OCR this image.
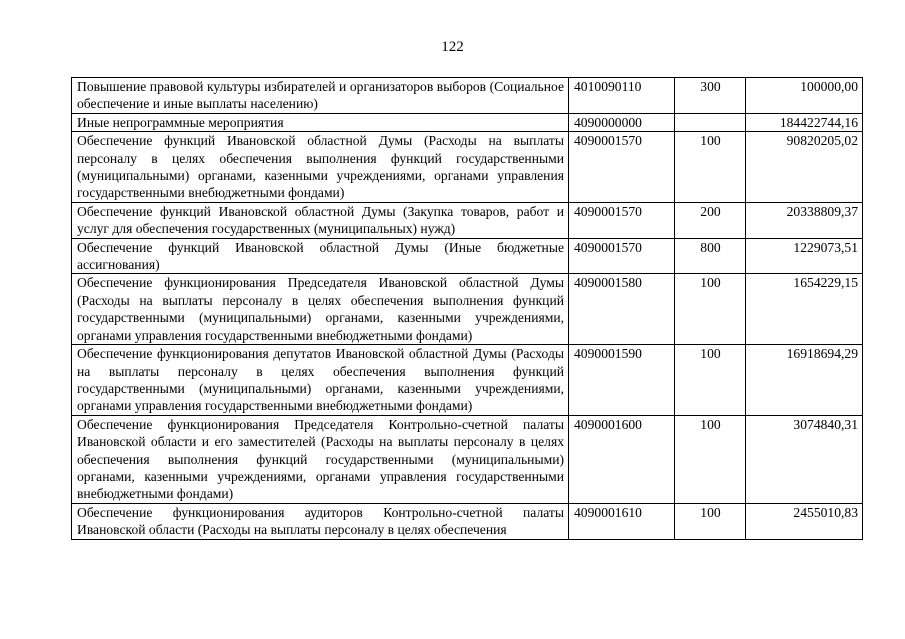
122
Повышение правовой культуры избирателей и организаторов выборов (Социальное обеспечение и иные выплаты населению)	4010090110	300	100000,00
Иные непрограммные мероприятия	4090000000		184422744,16
Обеспечение функций Ивановской областной Думы (Расходы на выплаты персоналу в целях обеспечения выполнения функций государственными (муниципальными) органами, казенными учреждениями, органами управления государственными внебюджетными фондами)	4090001570	100	90820205,02
Обеспечение функций Ивановской областной Думы (Закупка товаров, работ и услуг для обеспечения государственных (муниципальных) нужд)	4090001570	200	20338809,37
Обеспечение функций Ивановской областной Думы (Иные бюджетные ассигнования)	4090001570	800	1229073,51
Обеспечение функционирования Председателя Ивановской областной Думы (Расходы на выплаты персоналу в целях обеспечения выполнения функций государственными (муниципальными) органами, казенными учреждениями, органами управления государственными внебюджетными фондами)	4090001580	100	1654229,15
Обеспечение функционирования депутатов Ивановской областной Думы (Расходы на выплаты персоналу в целях обеспечения выполнения функций государственными (муниципальными) органами, казенными учреждениями, органами управления государственными внебюджетными фондами)	4090001590	100	16918694,29
Обеспечение функционирования Председателя Контрольно-счетной палаты Ивановской области и его заместителей (Расходы на выплаты персоналу в целях обеспечения выполнения функций государственными (муниципальными) органами, казенными учреждениями, органами управления государственными внебюджетными фондами)	4090001600	100	3074840,31
Обеспечение функционирования аудиторов Контрольно-счетной палаты Ивановской области (Расходы на выплаты персоналу в целях обеспечения	4090001610	100	2455010,83
